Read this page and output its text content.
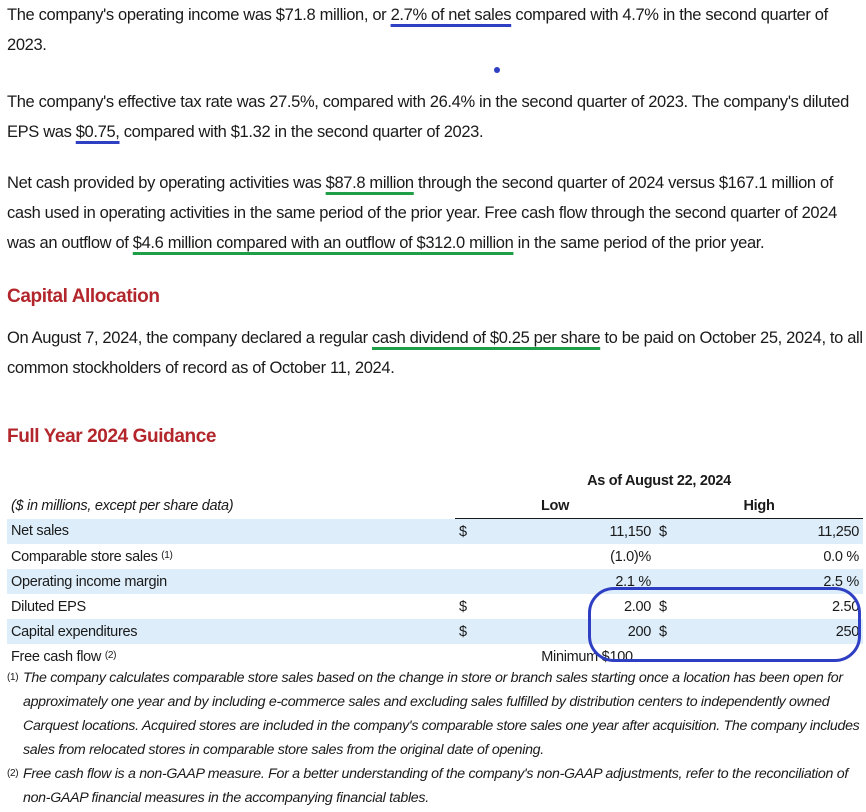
The company's operating income was $71.8 million, or 2.7% of net sales compared with 4.7% in the second quarter of 2023.

The company's effective tax rate was 27.5%, compared with 26.4% in the second quarter of 2023. The company's diluted EPS was $0.75, compared with $1.32 in the second quarter of 2023.

Net cash provided by operating activities was $87.8 million through the second quarter of 2024 versus $167.1 million of cash used in operating activities in the same period of the prior year. Free cash flow through the second quarter of 2024 was an outflow of $4.6 million compared with an outflow of $312.0 million in the same period of the prior year.

Capital Allocation

On August 7, 2024, the company declared a regular cash dividend of $0.25 per share to be paid on October 25, 2024, to all common stockholders of record as of October 11, 2024.

Full Year 2024 Guidance
	As of August 22, 2024			
($ in millions, except per share data)	Low		High	
Net sales	$	11,150	$	11,250
Comparable store sales $^{(1)}$		(1.0)%		0.0 %
Operating income margin		2.1 %		2.5 %
Diluted EPS	$	2.00	$	2.50
Capital expenditures	$	200	$	250
Free cash flow $^{(2)}$		Minimum $100		
(1) The company calculates comparable store sales based on the change in store or branch sales starting once a location has been open for approximately one year and by including e-commerce sales and excluding sales fulfilled by distribution centers to independently owned Carquest locations. Acquired stores are included in the company's comparable store sales one year after acquisition. The company includes sales from relocated stores in comparable store sales from the original date of opening.
(2) Free cash flow is a non-GAAP measure. For a better understanding of the company's non-GAAP adjustments, refer to the reconciliation of non-GAAP financial measures in the accompanying financial tables.
